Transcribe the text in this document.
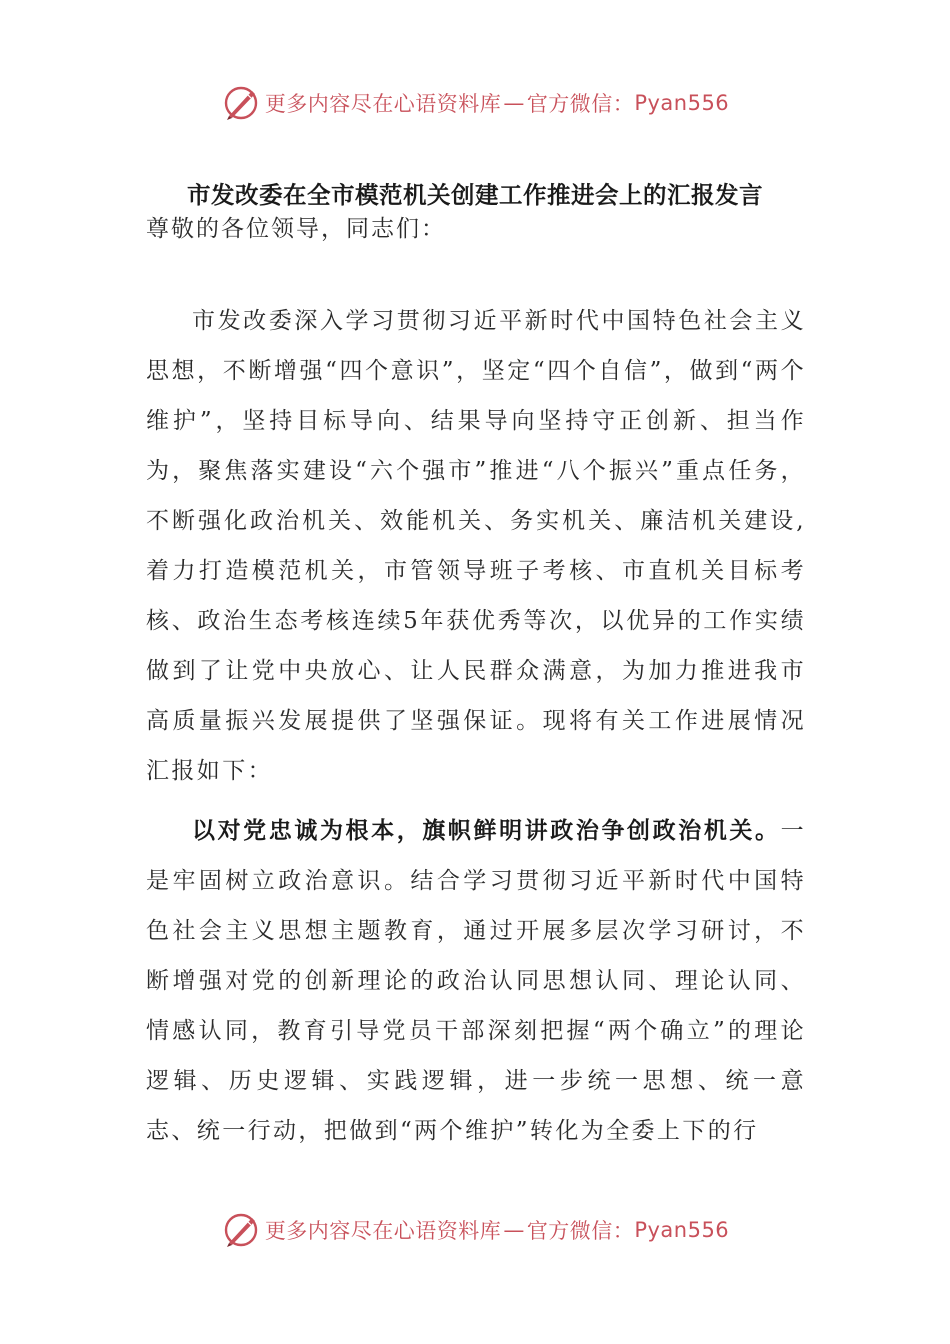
更多内容尽在心语资料库 — 官方微信： Pyan556
市发改委在全市模范机关创建工作推进会上的汇报发言
尊敬的各位领导，同志们：

市发改委深入学习贯彻习近平新时代中国特色社会主义思想，不断增强“四个意识”，坚定“四个自信”，做到“两个维护”，坚持目标导向、结果导向坚持守正创新、担当作为，聚焦落实建设“六个强市”推进“八个振兴”重点任务，不断强化政治机关、效能机关、务实机关、廉洁机关建设,着力打造模范机关，市管领导班子考核、市直机关目标考核、政治生态考核连续5年获优秀等次，以优异的工作实绩做到了让党中央放心、让人民群众满意，为加力推进我市高质量振兴发展提供了坚强保证。现将有关工作进展情况汇报如下：

以对党忠诚为根本，旗帜鲜明讲政治争创政治机关。一是牢固树立政治意识。结合学习贯彻习近平新时代中国特色社会主义思想主题教育，通过开展多层次学习研讨，不断增强对党的创新理论的政治认同思想认同、理论认同、情感认同，教育引导党员干部深刻把握“两个确立”的理论逻辑、历史逻辑、实践逻辑，进一步统一思想、统一意志、统一行动，把做到“两个维护”转化为全委上下的行

更多内容尽在心语资料库 — 官方微信： Pyan556
